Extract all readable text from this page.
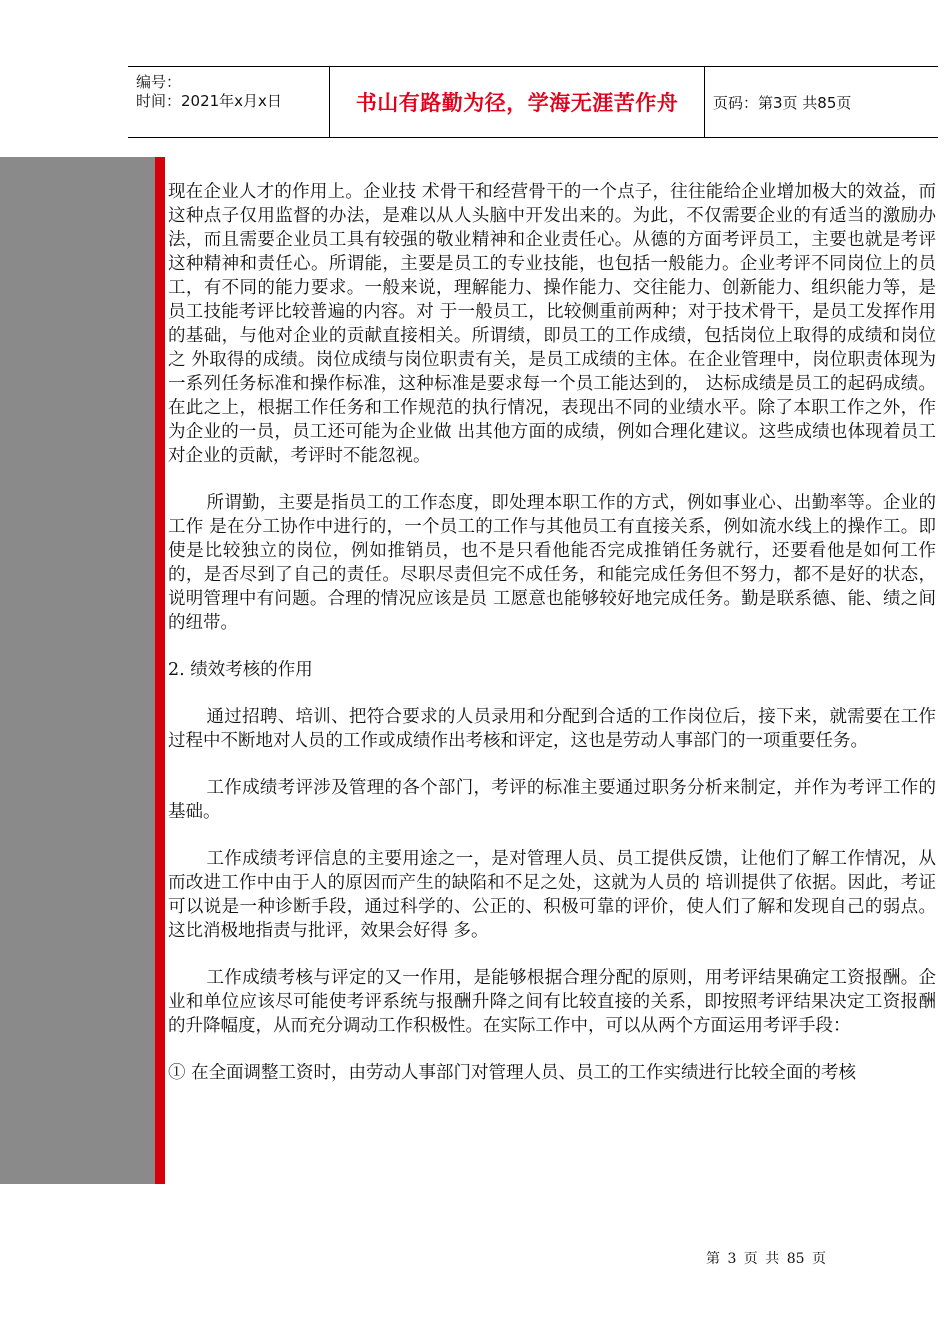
编号：
时间：2021年x月x日	书山有路勤为径，学海无涯苦作舟	页码：第3页 共85页

现在企业人才的作用上。企业技 术骨干和经营骨干的一个点子，往往能给企业增加极大的效益，而这种点子仅用监督的办法，是难以从人头脑中开发出来的。为此，不仅需要企业的有适当的激励办 法，而且需要企业员工具有较强的敬业精神和企业责任心。从德的方面考评员工，主要也就是考评这种精神和责任心。所谓能，主要是员工的专业技能，也包括一般能力。企业考评不同岗位上的员工，有不同的能力要求。一般来说，理解能力、操作能力、交往能力、创新能力、组织能力等，是员工技能考评比较普遍的内容。对 于一般员工，比较侧重前两种；对于技术骨干，是员工发挥作用的基础，与他对企业的贡献直接相关。所谓绩，即员工的工作成绩，包括岗位上取得的成绩和岗位之 外取得的成绩。岗位成绩与岗位职责有关，是员工成绩的主体。在企业管理中，岗位职责体现为一系列任务标准和操作标准，这种标准是要求每一个员工能达到的， 达标成绩是员工的起码成绩。在此之上，根据工作任务和工作规范的执行情况，表现出不同的业绩水平。除了本职工作之外，作为企业的一员，员工还可能为企业做 出其他方面的成绩，例如合理化建议。这些成绩也体现着员工对企业的贡献，考评时不能忽视。

所谓勤，主要是指员工的工作态度，即处理本职工作的方式，例如事业心、出勤率等。企业的工作 是在分工协作中进行的，一个员工的工作与其他员工有直接关系，例如流水线上的操作工。即使是比较独立的岗位，例如推销员，也不是只看他能否完成推销任务就行，还要看他是如何工作的，是否尽到了自己的责任。尽职尽责但完不成任务，和能完成任务但不努力，都不是好的状态，说明管理中有问题。合理的情况应该是员 工愿意也能够较好地完成任务。勤是联系德、能、绩之间的纽带。

2. 绩效考核的作用

通过招聘、培训、把符合要求的人员录用和分配到合适的工作岗位后，接下来，就需要在工作过程中不断地对人员的工作或成绩作出考核和评定，这也是劳动人事部门的一项重要任务。

工作成绩考评涉及管理的各个部门，考评的标准主要通过职务分析来制定，并作为考评工作的基础。

工作成绩考评信息的主要用途之一，是对管理人员、员工提供反馈，让他们了解工作情况，从而改进工作中由于人的原因而产生的缺陷和不足之处，这就为人员的 培训提供了依据。因此，考证可以说是一种诊断手段，通过科学的、公正的、积极可靠的评价，使人们了解和发现自己的弱点。这比消极地指责与批评，效果会好得 多。

工作成绩考核与评定的又一作用，是能够根据合理分配的原则，用考评结果确定工资报酬。企业和单位应该尽可能使考评系统与报酬升降之间有比较直接的关系，即按照考评结果决定工资报酬的升降幅度，从而充分调动工作积极性。在实际工作中，可以从两个方面运用考评手段：

① 在全面调整工资时，由劳动人事部门对管理人员、员工的工作实绩进行比较全面的考核

第 3 页 共 85 页
